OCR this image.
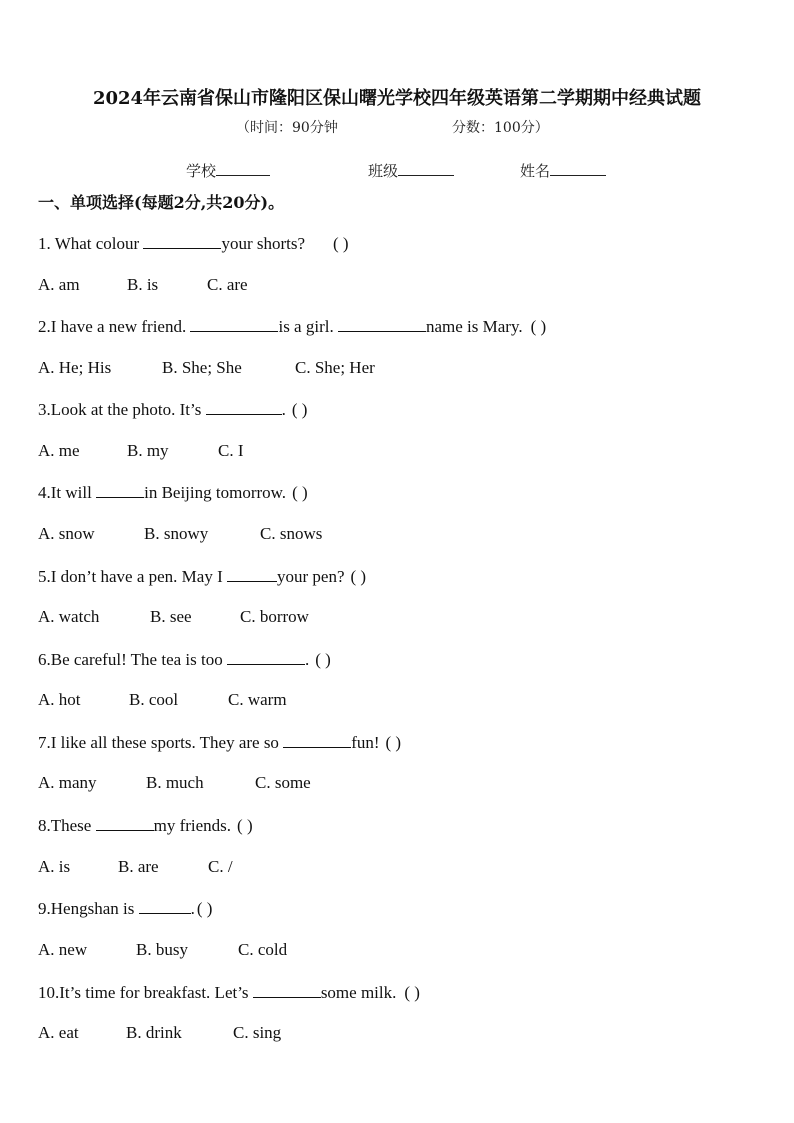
2024年云南省保山市隆阳区保山曙光学校四年级英语第二学期期中经典试题
（时间：90分钟	分数：100分）
学校	班级	姓名
一、单项选择(每题2分,共20分)。
1. What colour	your shorts? ( )
A. am	B. is	C. are
2.I have a new friend.	is a girl.	name is Mary. ( )
A. He; His	B. She; She	C. She; Her
3.Look at the photo. It’s	. ( )
A. me	B. my	C. I
4.It will	in Beijing tomorrow. ( )
A. snow	B. snowy	C. snows
5.I don’t have a pen. May I	your pen? ( )
A. watch	B. see	C. borrow
6.Be careful! The tea is too	. ( )
A. hot	B. cool	C. warm
7.I like all these sports. They are so	fun! ( )
A. many	B. much	C. some
8.These	my friends. ( )
A. is	B. are	C. /
9.Hengshan is	. ( )
A. new	B. busy	C. cold
10.It’s time for breakfast. Let’s	some milk. ( )
A. eat	B. drink	C. sing
